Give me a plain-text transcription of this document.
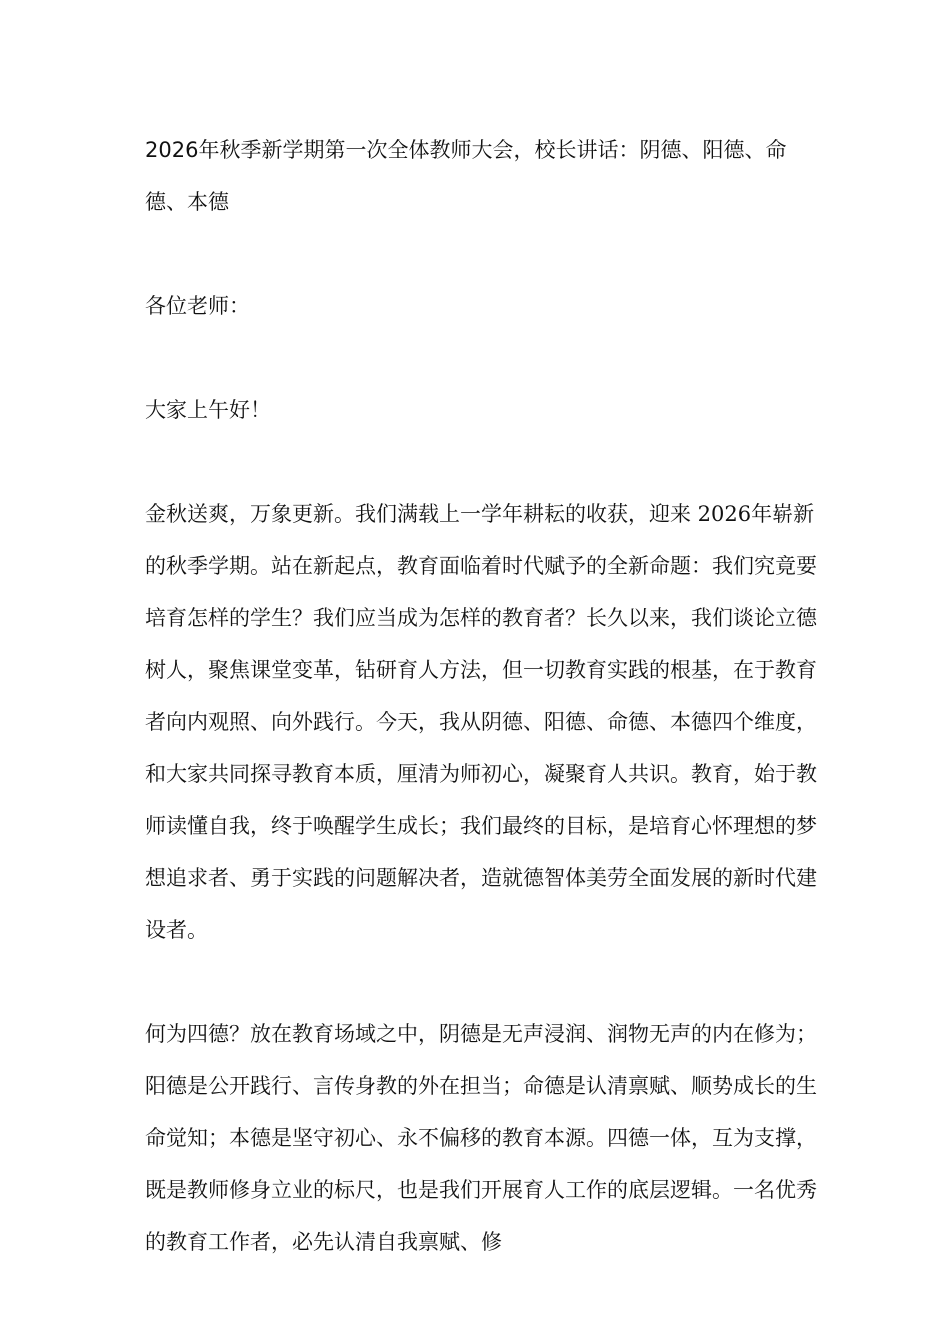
2026年秋季新学期第一次全体教师大会，校长讲话：阴德、阳德、命德、本德

各位老师：

大家上午好！

金秋送爽，万象更新。我们满载上一学年耕耘的收获，迎来 2026年崭新的秋季学期。站在新起点，教育面临着时代赋予的全新命题：我们究竟要培育怎样的学生？我们应当成为怎样的教育者？长久以来，我们谈论立德树人，聚焦课堂变革，钻研育人方法，但一切教育实践的根基，在于教育者向内观照、向外践行。今天，我从阴德、阳德、命德、本德四个维度，和大家共同探寻教育本质，厘清为师初心，凝聚育人共识。教育，始于教师读懂自我，终于唤醒学生成长；我们最终的目标，是培育心怀理想的梦想追求者、勇于实践的问题解决者，造就德智体美劳全面发展的新时代建设者。

何为四德？放在教育场域之中，阴德是无声浸润、润物无声的内在修为；阳德是公开践行、言传身教的外在担当；命德是认清禀赋、顺势成长的生命觉知；本德是坚守初心、永不偏移的教育本源。四德一体，互为支撑，既是教师修身立业的标尺，也是我们开展育人工作的底层逻辑。一名优秀的教育工作者，必先认清自我禀赋、修
